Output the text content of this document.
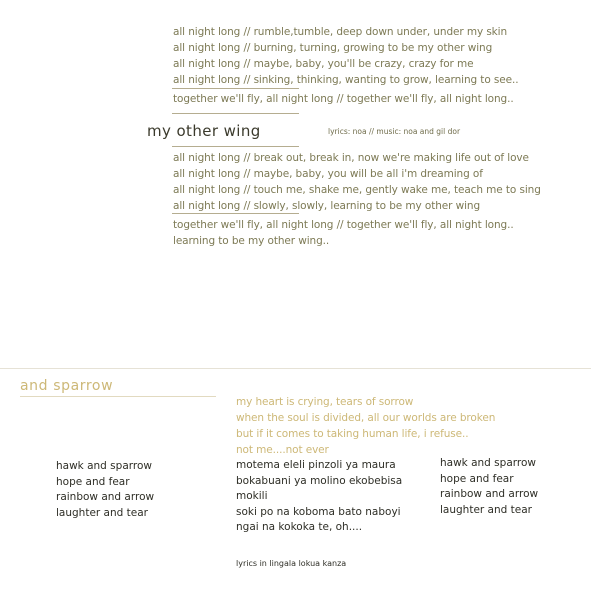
all night long // rumble,tumble, deep down under, under my skin
all night long // burning, turning, growing to be my other wing
all night long // maybe, baby, you'll be crazy, crazy for me
all night long // sinking, thinking, wanting to grow, learning to see..
together we'll fly, all night long // together we'll fly, all night long..
my other wing	lyrics: noa // music: noa and gil dor
all night long // break out, break in, now we're making life out of love
all night long // maybe, baby, you will be all i'm dreaming of
all night long // touch me, shake me, gently wake me, teach me to sing
all night long // slowly, slowly, learning to be my other wing
together we'll fly, all night long // together we'll fly, all night long..
learning to be my other wing..
and sparrow
my heart is crying, tears of sorrow
when the soul is divided, all our worlds are broken
but if it comes to taking human life, i refuse..
not me....not ever
hawk and sparrow
hope and fear
rainbow and arrow
laughter and tear
motema eleli pinzoli ya maura
bokabuani ya molino ekobebisa
mokili
soki po na koboma bato naboyi
ngai na kokoka te, oh....
hawk and sparrow
hope and fear
rainbow and arrow
laughter and tear
lyrics in lingala lokua kanza
